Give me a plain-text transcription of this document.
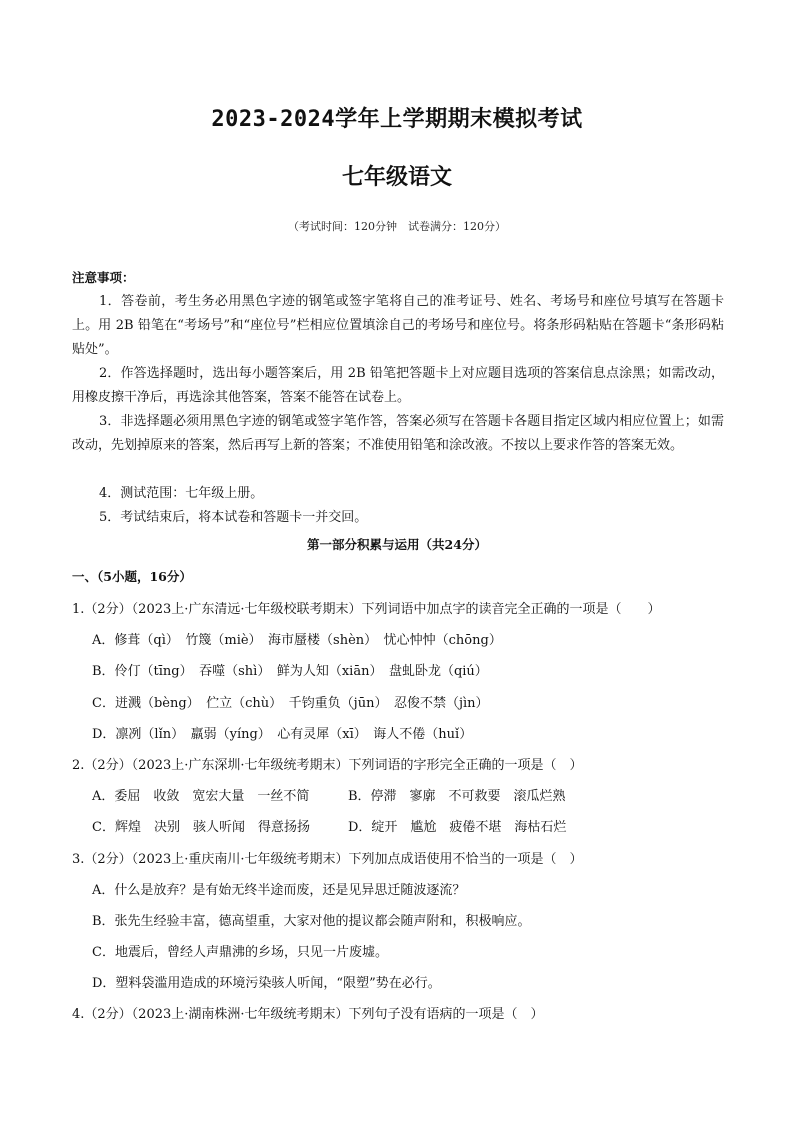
2023-2024学年上学期期末模拟考试
七年级语文
（考试时间：120分钟　试卷满分：120分）
注意事项：
1．答卷前，考生务必用黑色字迹的钢笔或签字笔将自己的准考证号、姓名、考场号和座位号填写在答题卡上。用 2B 铅笔在“考场号”和“座位号”栏相应位置填涂自己的考场号和座位号。将条形码粘贴在答题卡“条形码粘贴处”。
2．作答选择题时，选出每小题答案后，用 2B 铅笔把答题卡上对应题目选项的答案信息点涂黑；如需改动，用橡皮擦干净后，再选涂其他答案，答案不能答在试卷上。
3．非选择题必须用黑色字迹的钢笔或签字笔作答，答案必须写在答题卡各题目指定区域内相应位置上；如需改动，先划掉原来的答案，然后再写上新的答案；不准使用铅笔和涂改液。不按以上要求作答的答案无效。
4．测试范围：七年级上册。
5．考试结束后，将本试卷和答题卡一并交回。
第一部分积累与运用（共24分）
一、（5小题，16分）
1.（2分）（2023上·广东清远·七年级校联考期末）下列词语中加点字的读音完全正确的一项是（　　）
A．修葺（qì）　竹篾（miè）　海市蜃楼（shèn）　忧心忡忡（chōng）
B．伶仃（tīng）　吞噬（shì）　鲜为人知（xiān）　盘虬卧龙（qiú）
C．迸溅（bèng）　伫立（chù）　千钧重负（jūn）　忍俊不禁（jìn）
D．凛冽（lǐn）　羸弱（yíng）　心有灵犀（xī）　诲人不倦（huǐ）
2.（2分）（2023上·广东深圳·七年级统考期末）下列词语的字形完全正确的一项是（　）
A．委屈　收敛　宽宏大量　一丝不简	B．停滞　寥廓　不可救要　滚瓜烂熟
C．辉煌　决别　骇人听闻　得意扬扬	D．绽开　尴尬　疲倦不堪　海枯石烂
3.（2分）（2023上·重庆南川·七年级统考期末）下列加点成语使用不恰当的一项是（　）
A．什么是放弃？是有始无终半途而废，还是见异思迁随波逐流？
B．张先生经验丰富，德高望重，大家对他的提议都会随声附和，积极响应。
C．地震后，曾经人声鼎沸的乡场，只见一片废墟。
D．塑料袋滥用造成的环境污染骇人听闻，“限塑”势在必行。
4.（2分）（2023上·湖南株洲·七年级统考期末）下列句子没有语病的一项是（　）
